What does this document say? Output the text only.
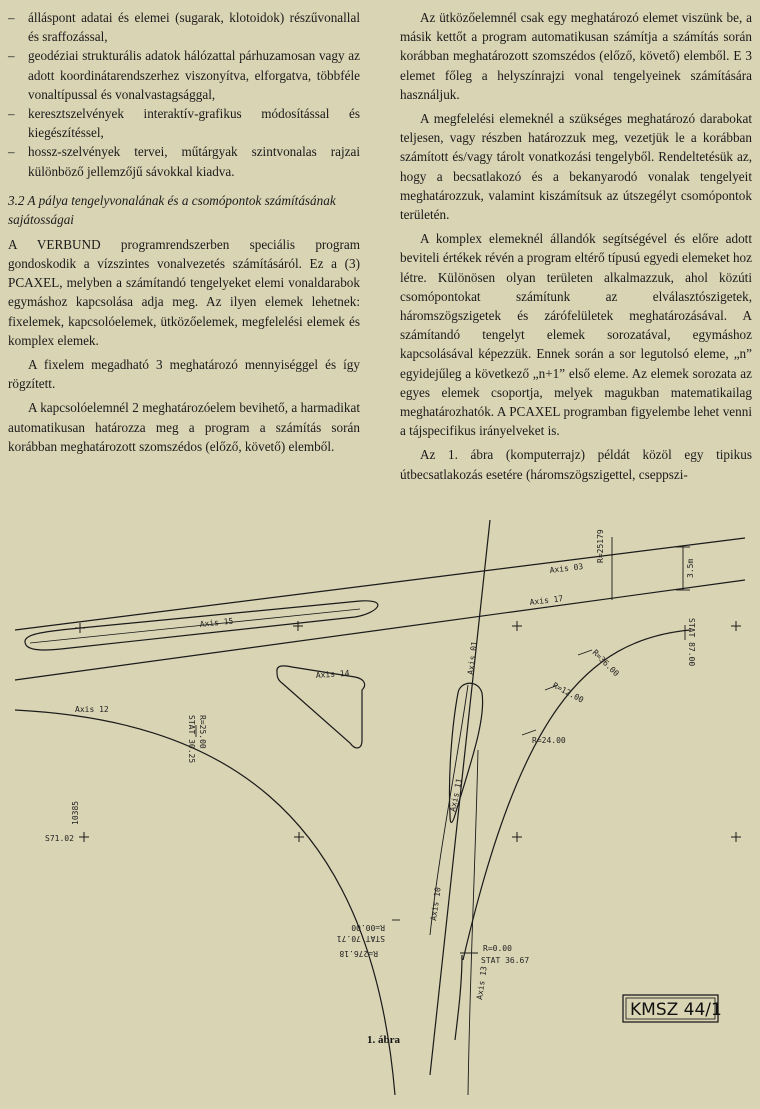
– álláspont adatai és elemei (sugarak, klotoidok) részűvonallal és sraffozással,
– geodéziai strukturális adatok hálózattal párhuzamosan vagy az adott koordinátarendszerhez viszonyítva, elforgatva, többféle vonaltípussal és vonalvastagsággal,
– keresztszelvények interaktív-grafikus módosítással és kiegészítéssel,
– hossz-szelvények tervei, műtárgyak szintvonalas rajzai különböző jellemzőjű sávokkal kiadva.
3.2 A pálya tengelyvonalának és a csomópontok számításának sajátosságai

A VERBUND programrendszerben speciális program gondoskodik a vízszintes vonalvezetés számításáról. Ez a (3) PCAXEL, melyben a számítandó tengelyeket elemi vonaldarabok egymáshoz kapcsolása adja meg. Az ilyen elemek lehetnek: fixelemek, kapcsolóelemek, ütközőelemek, megfelelési elemek és komplex elemek.

A fixelem megadható 3 meghatározó mennyiséggel és így rögzített.

A kapcsolóelemnél 2 meghatározóelem bevihető, a harmadikat automatikusan határozza meg a program a számítás során korábban meghatározott szomszédos (előző, követő) elemből.

Az ütközőelemnél csak egy meghatározó elemet viszünk be, a másik kettőt a program automatikusan számítja a számítás során korábban meghatározott szomszédos (előző, követő) elemből. E 3 elemet főleg a helyszínrajzi vonal tengelyeinek számítására használjuk.

A megfelelési elemeknél a szükséges meghatározó darabokat teljesen, vagy részben határozzuk meg, vezetjük le a korábban számított és/vagy tárolt vonatkozási tengelyből. Rendeltetésük az, hogy a becsatlakozó és a bekanyarodó vonalak tengelyeit meghatározzuk, valamint kiszámítsuk az útszegélyt csomópontok területén.

A komplex elemeknél állandók segítségével és előre adott beviteli értékek révén a program eltérő típusú egyedi elemeket hoz létre. Különösen olyan területen alkalmazzuk, ahol közúti csomópontokat számítunk az elválasztószigetek, háromszögszigetek és zárófelületek meghatározásával. A számítandó tengelyt elemek sorozatával, egymáshoz kapcsolásával képezzük. Ennek során a sor legutolsó eleme, „n” egyidejűleg a következő „n+1” első eleme. Az elemek sorozata az egyes elemek csoportja, melyek magukban matematikailag meghatározhatók. A PCAXEL programban figyelembe lehet venni a tájspecifikus irányelveket is.

Az 1. ábra (komputerrajz) példát közöl egy tipikus útbecsatlakozás esetére (háromszögszigettel, cseppszi-

Axis 03
Axis 17
Axis 15
Axis 14	Axis 01
Axis 12
Axis 11
Axis 10
Axis 13
R=25179
3.5m
STAT 87.00
R=36.00
R=12.00
R=24.00
R=25.00
STAT 30.25
S71.02
10385
R=0.00
STAT 36.67
R=00.00
STAT 70.71
R=276.18
KMSZ 44/1
1. ábra
